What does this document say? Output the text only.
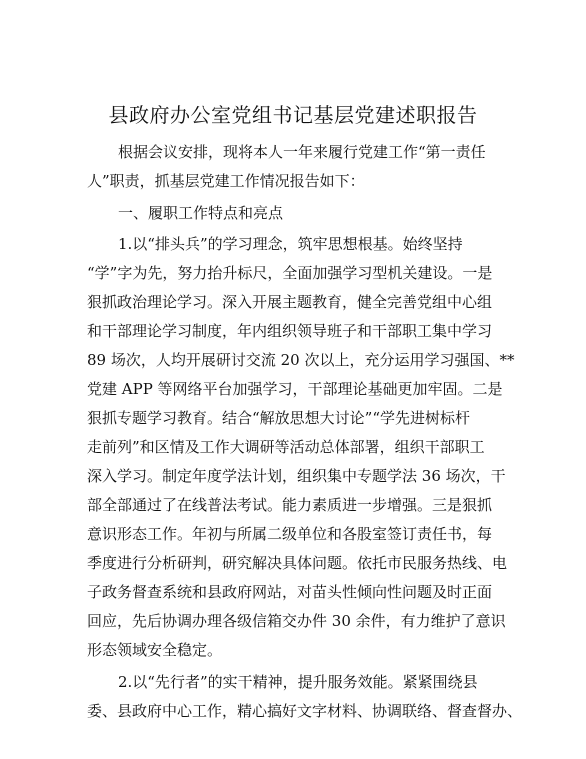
县政府办公室党组书记基层党建述职报告
根据会议安排，现将本人一年来履行党建工作“第一责任
人”职责，抓基层党建工作情况报告如下：
一、履职工作特点和亮点
1.以“排头兵”的学习理念，筑牢思想根基。始终坚持
“学”字为先，努力抬升标尺，全面加强学习型机关建设。一是
狠抓政治理论学习。深入开展主题教育，健全完善党组中心组
和干部理论学习制度，年内组织领导班子和干部职工集中学习
89 场次，人均开展研讨交流 20 次以上，充分运用学习强国、**
党建 APP 等网络平台加强学习，干部理论基础更加牢固。二是
狠抓专题学习教育。结合“解放思想大讨论”“学先进树标杆
走前列”和区情及工作大调研等活动总体部署，组织干部职工
深入学习。制定年度学法计划，组织集中专题学法 36 场次，干
部全部通过了在线普法考试。能力素质进一步增强。三是狠抓
意识形态工作。年初与所属二级单位和各股室签订责任书，每
季度进行分析研判，研究解决具体问题。依托市民服务热线、电
子政务督查系统和县政府网站，对苗头性倾向性问题及时正面
回应，先后协调办理各级信箱交办件 30 余件，有力维护了意识
形态领域安全稳定。
2.以“先行者”的实干精神，提升服务效能。紧紧围绕县
委、县政府中心工作，精心搞好文字材料、协调联络、督查督办、
